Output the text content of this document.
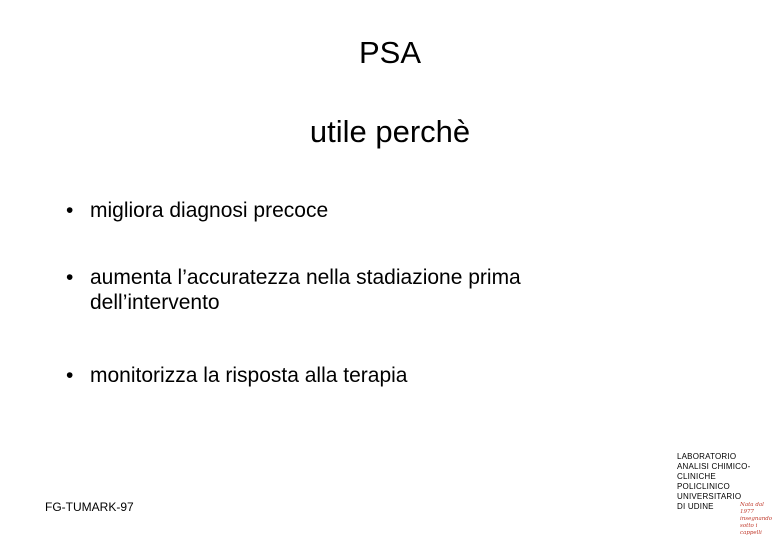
PSA
utile perchè
• migliora diagnosi precoce
• aumenta l’accuratezza nella stadiazione prima
dell’intervento
• monitorizza la risposta alla terapia
FG-TUMARK-97
LABORATORIO
ANALISI CHIMICO-
CLINICHE
POLICLINICO
UNIVERSITARIO
DI UDINE	Nata dal 1977
insegnando
sotto i cappelli
